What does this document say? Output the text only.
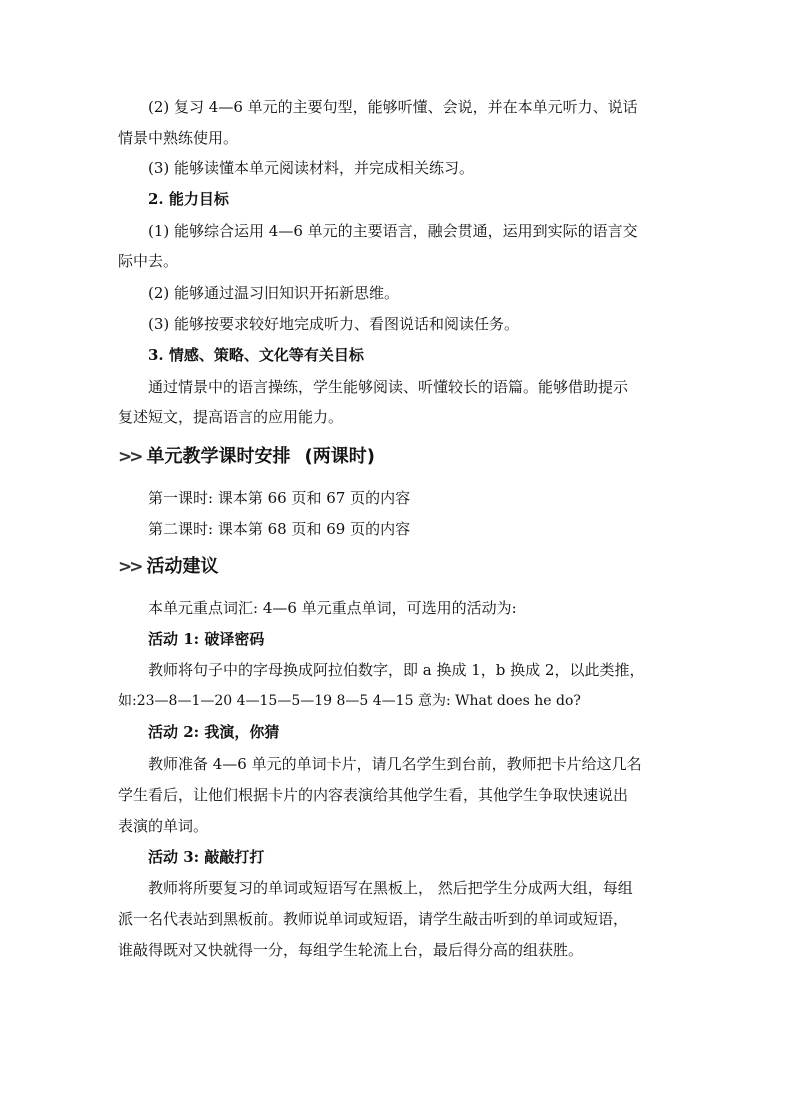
(2) 复习 4—6 单元的主要句型，能够听懂、会说，并在本单元听力、说话

情景中熟练使用。

(3) 能够读懂本单元阅读材料，并完成相关练习。

2. 能力目标

(1) 能够综合运用 4—6 单元的主要语言，融会贯通，运用到实际的语言交

际中去。

(2) 能够通过温习旧知识开拓新思维。

(3) 能够按要求较好地完成听力、看图说话和阅读任务。

3. 情感、策略、文化等有关目标

通过情景中的语言操练，学生能够阅读、听懂较长的语篇。能够借助提示

复述短文，提高语言的应用能力。

>> 单元教学课时安排 (两课时)

第一课时: 课本第 66 页和 67 页的内容

第二课时: 课本第 68 页和 69 页的内容

>> 活动建议

本单元重点词汇: 4—6 单元重点单词，可选用的活动为:

活动 1: 破译密码

教师将句子中的字母换成阿拉伯数字，即 a 换成 1，b 换成 2，以此类推，

如:23—8—1—20 4—15—5—19 8—5 4—15 意为: What does he do?

活动 2: 我演，你猜

教师准备 4—6 单元的单词卡片，请几名学生到台前，教师把卡片给这几名

学生看后，让他们根据卡片的内容表演给其他学生看，其他学生争取快速说出

表演的单词。

活动 3: 敲敲打打

教师将所要复习的单词或短语写在黑板上， 然后把学生分成两大组，每组

派一名代表站到黑板前。教师说单词或短语，请学生敲击听到的单词或短语，

谁敲得既对又快就得一分，每组学生轮流上台，最后得分高的组获胜。
